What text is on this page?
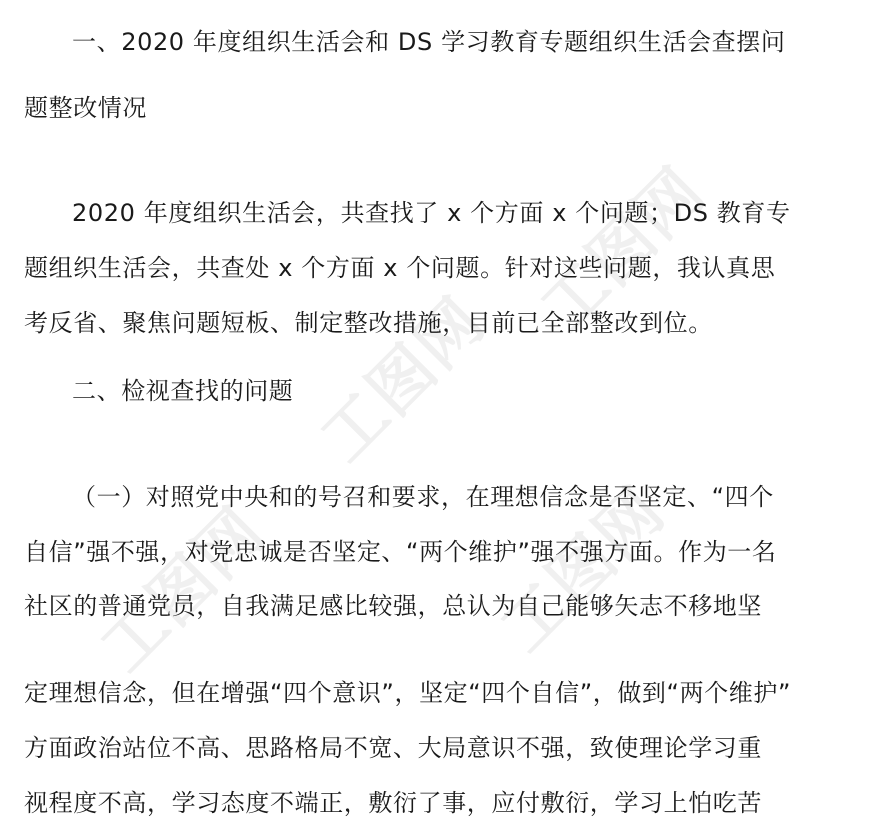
工图网
工图网
工图网	工图网
一、2020 年度组织生活会和 DS 学习教育专题组织生活会查摆问
题整改情况
2020 年度组织生活会，共查找了 x 个方面 x 个问题；DS 教育专
题组织生活会，共查处 x 个方面 x 个问题。针对这些问题，我认真思
考反省、聚焦问题短板、制定整改措施，目前已全部整改到位。
二、检视查找的问题
（一）对照党中央和的号召和要求，在理想信念是否坚定、“四个
自信”强不强，对党忠诚是否坚定、“两个维护”强不强方面。作为一名
社区的普通党员，自我满足感比较强，总认为自己能够矢志不移地坚
定理想信念，但在增强“四个意识”，坚定“四个自信”，做到“两个维护”
方面政治站位不高、思路格局不宽、大局意识不强，致使理论学习重
视程度不高，学习态度不端正，敷衍了事，应付敷衍，学习上怕吃苦
